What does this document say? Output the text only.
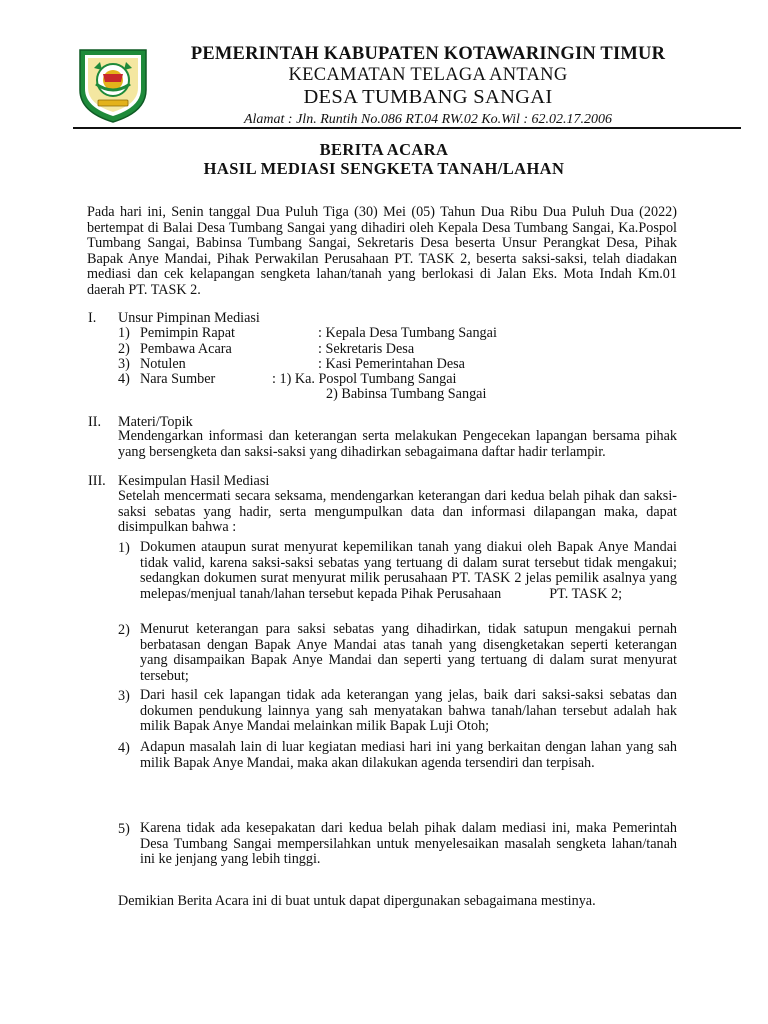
PEMERINTAH KABUPATEN KOTAWARINGIN TIMUR
KECAMATAN TELAGA ANTANG
DESA TUMBANG SANGAI
Alamat : Jln. Runtih No.086 RT.04 RW.02 Ko.Wil : 62.02.17.2006
BERITA ACARA
HASIL MEDIASI SENGKETA TANAH/LAHAN
Pada hari ini, Senin tanggal Dua Puluh Tiga (30) Mei (05) Tahun Dua Ribu Dua Puluh Dua (2022) bertempat di Balai Desa Tumbang Sangai yang dihadiri oleh Kepala Desa Tumbang Sangai, Ka.Pospol Tumbang Sangai, Babinsa Tumbang Sangai, Sekretaris Desa beserta Unsur Perangkat Desa, Pihak Bapak Anye Mandai, Pihak Perwakilan Perusahaan PT. TASK 2, beserta saksi-saksi, telah diadakan mediasi dan cek kelapangan sengketa lahan/tanah yang berlokasi di Jalan Eks. Mota Indah Km.01 daerah PT. TASK 2.
I. Unsur Pimpinan Mediasi
1) Pemimpin Rapat	: Kepala Desa Tumbang Sangai
2) Pembawa Acara	: Sekretaris Desa
3) Notulen	: Kasi Pemerintahan Desa
4) Nara Sumber	: 1) Ka. Pospol Tumbang Sangai
2) Babinsa Tumbang Sangai
II. Materi/Topik
Mendengarkan informasi dan keterangan serta melakukan Pengecekan lapangan bersama pihak yang bersengketa dan saksi-saksi yang dihadirkan sebagaimana daftar hadir terlampir.
III. Kesimpulan Hasil Mediasi
Setelah mencermati secara seksama, mendengarkan keterangan dari kedua belah pihak dan saksi-saksi sebatas yang hadir, serta mengumpulkan data dan informasi dilapangan maka, dapat disimpulkan bahwa :
1) Dokumen ataupun surat menyurat kepemilikan tanah yang diakui oleh Bapak Anye Mandai tidak valid, karena saksi-saksi sebatas yang tertuang di dalam surat tersebut tidak mengakui; sedangkan dokumen surat menyurat milik perusahaan PT. TASK 2 jelas pemilik asalnya yang melepas/menjual tanah/lahan tersebut kepada Pihak Perusahaan	PT. TASK 2;
2) Menurut keterangan para saksi sebatas yang dihadirkan, tidak satupun mengakui pernah berbatasan dengan Bapak Anye Mandai atas tanah yang disengketakan seperti keterangan yang disampaikan Bapak Anye Mandai dan seperti yang tertuang di dalam surat menyurat tersebut;
3) Dari hasil cek lapangan tidak ada keterangan yang jelas, baik dari saksi-saksi sebatas dan dokumen pendukung lainnya yang sah menyatakan bahwa tanah/lahan tersebut adalah hak milik Bapak Anye Mandai melainkan milik Bapak Luji Otoh;
4) Adapun masalah lain di luar kegiatan mediasi hari ini yang berkaitan dengan lahan yang sah milik Bapak Anye Mandai, maka akan dilakukan agenda tersendiri dan terpisah.
5) Karena tidak ada kesepakatan dari kedua belah pihak dalam mediasi ini, maka Pemerintah Desa Tumbang Sangai mempersilahkan untuk menyelesaikan masalah sengketa lahan/tanah ini ke jenjang yang lebih tinggi.
Demikian Berita Acara ini di buat untuk dapat dipergunakan sebagaimana mestinya.
